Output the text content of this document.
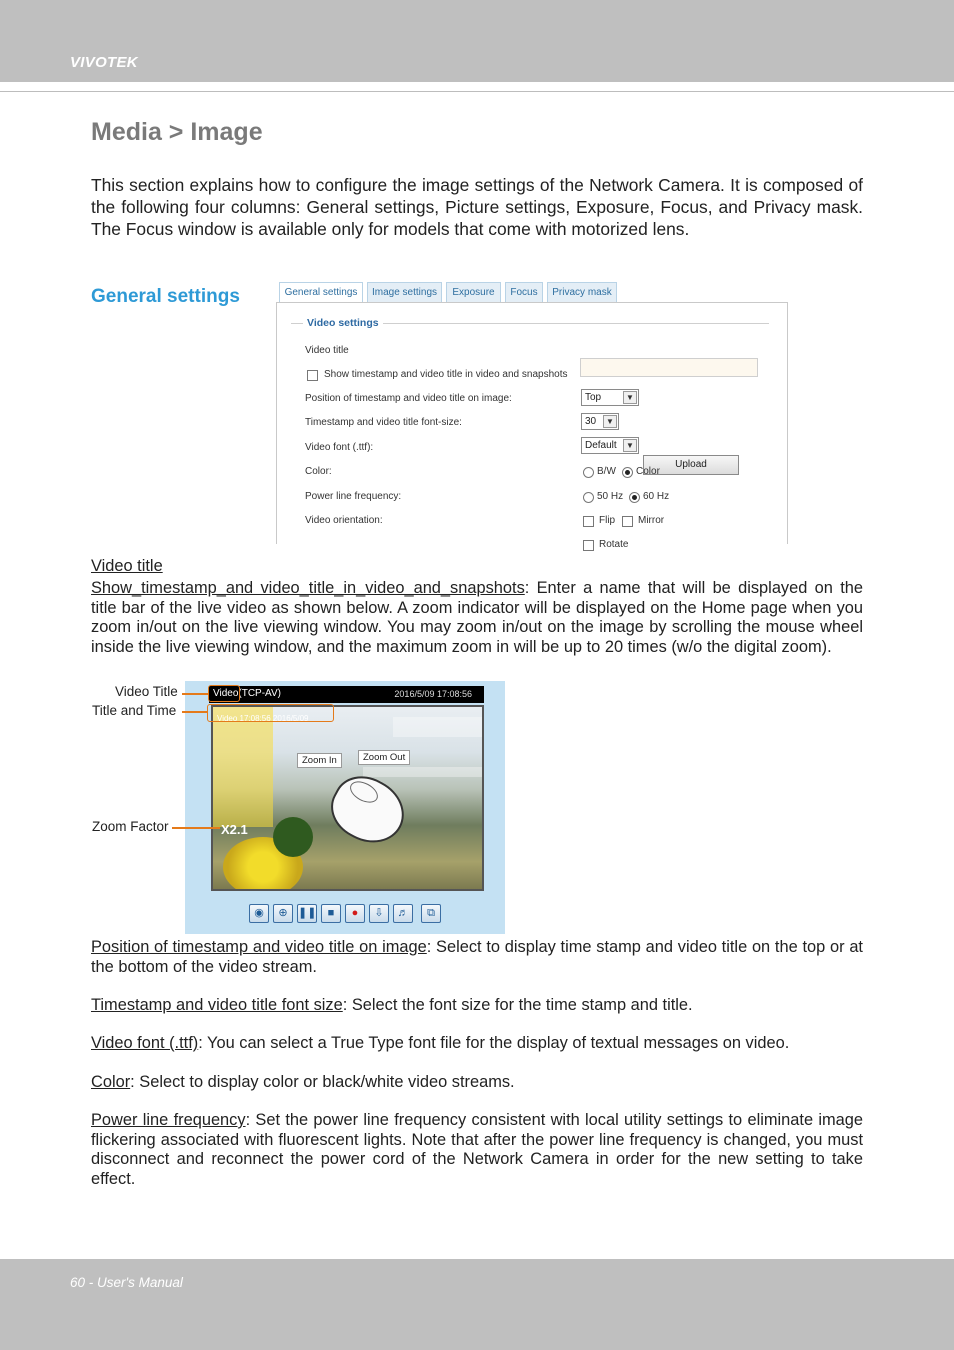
VIVOTEK
Media > Image
This section explains how to configure the image settings of the Network Camera. It is composed of the following four columns: General settings, Picture settings, Exposure, Focus, and Privacy mask. The Focus window is available only for models that come with motorized lens.
General settings	General settings	Image settings	Exposure	Focus	Privacy mask
Video settings
Video title
Show timestamp and video title in video and snapshots
Position of timestamp and video title on image:	Top	▼
Timestamp and video title font-size:	30	▼
Video font (.ttf):	Default	▼
Upload
Color:	B/W Color
Power line frequency:	50 Hz 60 Hz
Video orientation:	Flip Mirror
Rotate
Video title
Show_timestamp_and video_title_in_video_and_snapshots: Enter a name that will be displayed on the title bar of the live video as shown below. A zoom indicator will be displayed on the Home page when you zoom in/out on the live viewing window. You may zoom in/out on the image by scrolling the mouse wheel inside the live viewing window, and the maximum zoom in will be up to 20 times (w/o the digital zoom).
Video 17:08:56 2016/5/09
Zoom In	Zoom Out
X2.1
◉	⊕ ❚❚	■	●	⇩	♬	⧉
Video(TCP-AV)	2016/5/09 17:08:56
Video Title
Title and Time
Zoom Factor
Position of timestamp and video title on image: Select to display time stamp and video title on the top or at the bottom of the video stream.
Timestamp and video title font size: Select the font size for the time stamp and title.
Video font (.ttf): You can select a True Type font file for the display of textual messages on video.
Color: Select to display color or black/white video streams.
Power line frequency: Set the power line frequency consistent with local utility settings to eliminate image flickering associated with fluorescent lights. Note that after the power line frequency is changed, you must disconnect and reconnect the power cord of the Network Camera in order for the new setting to take effect.
60 - User's Manual
